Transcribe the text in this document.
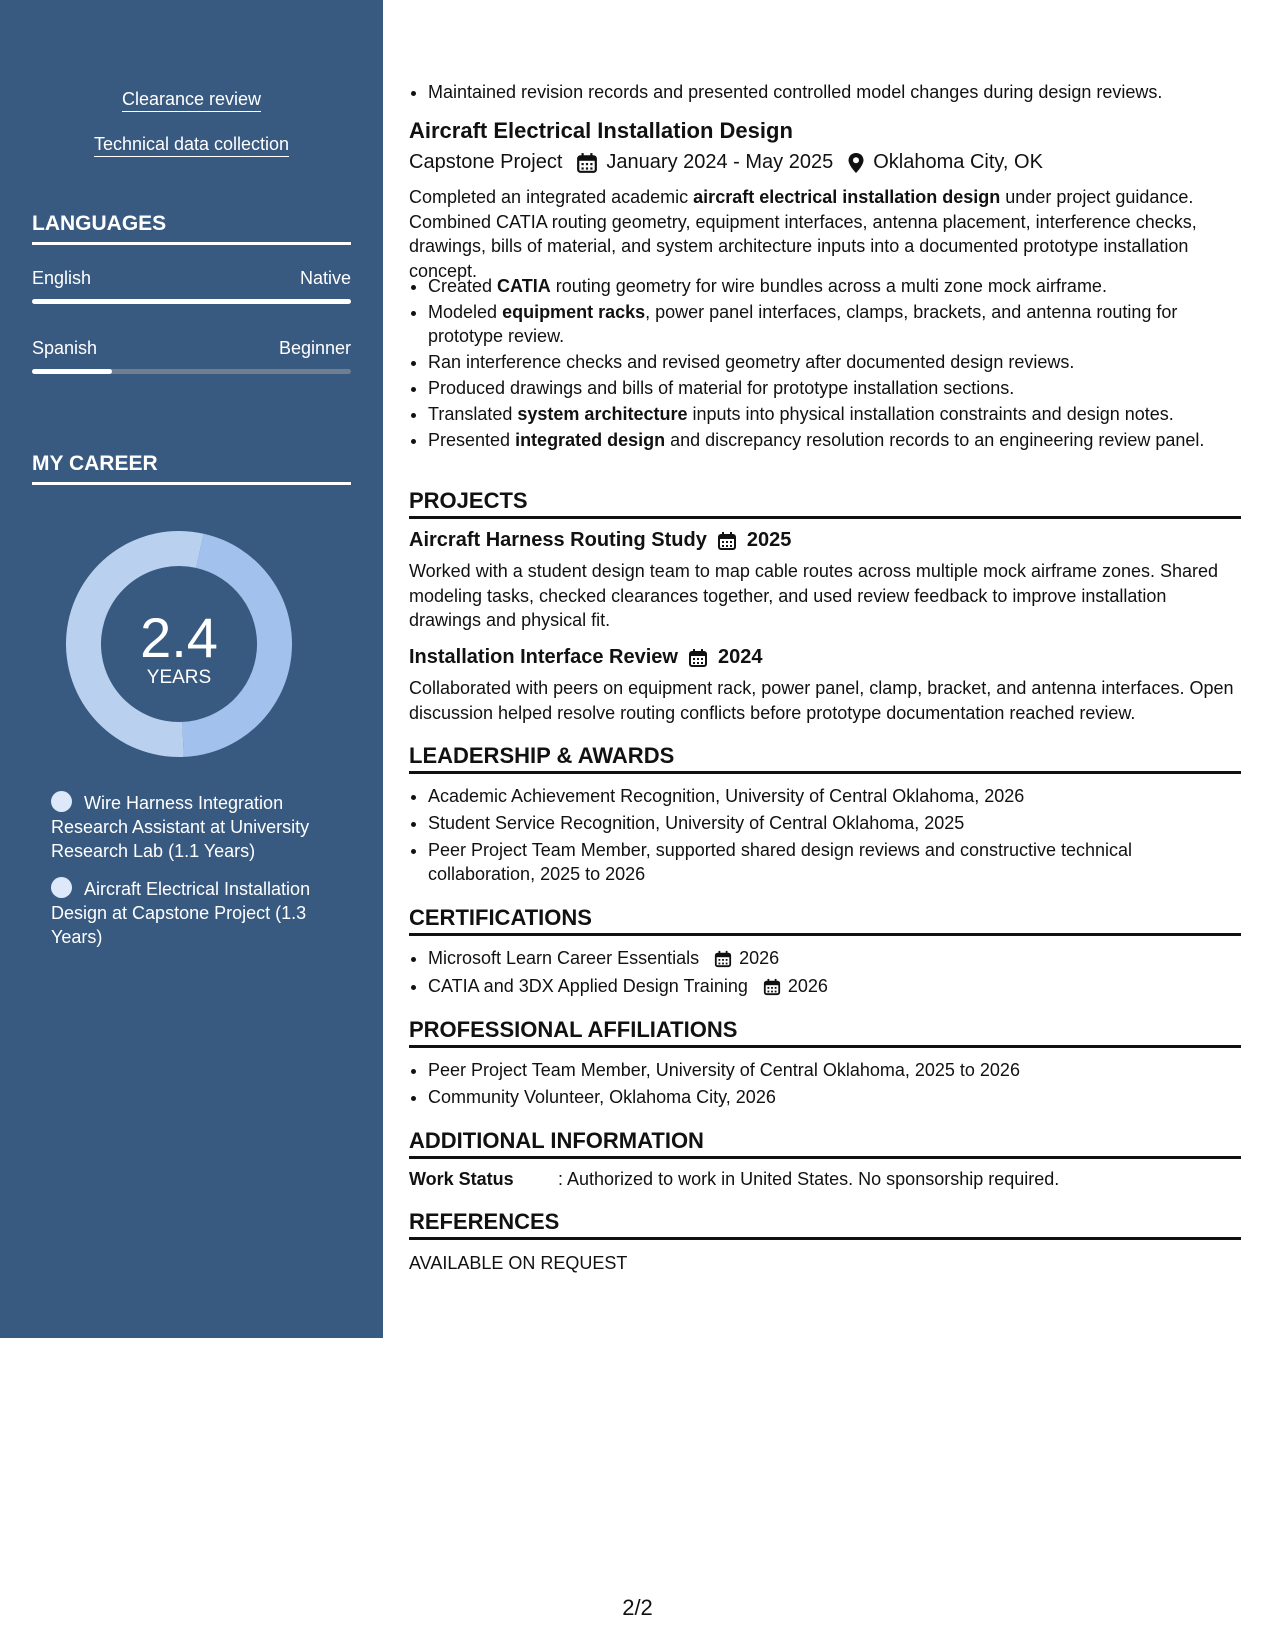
Clearance review
Technical data collection
LANGUAGES
English	Native
Spanish	Beginner
MY CAREER
2.4
YEARS
Wire Harness Integration Research Assistant at University Research Lab (1.1 Years)
Aircraft Electrical Installation Design at Capstone Project (1.3 Years)
• Maintained revision records and presented controlled model changes during design reviews.
Aircraft Electrical Installation Design
Capstone Project January 2024 - May 2025 Oklahoma City, OK
Completed an integrated academic aircraft electrical installation design under project guidance. Combined CATIA routing geometry, equipment interfaces, antenna placement, interference checks, drawings, bills of material, and system architecture inputs into a documented prototype installation concept.
• Created CATIA routing geometry for wire bundles across a multi zone mock airframe.
• Modeled equipment racks, power panel interfaces, clamps, brackets, and antenna routing for prototype review.
• Ran interference checks and revised geometry after documented design reviews.
• Produced drawings and bills of material for prototype installation sections.
• Translated system architecture inputs into physical installation constraints and design notes.
• Presented integrated design and discrepancy resolution records to an engineering review panel.
PROJECTS
Aircraft Harness Routing Study 2025
Worked with a student design team to map cable routes across multiple mock airframe zones. Shared modeling tasks, checked clearances together, and used review feedback to improve installation drawings and physical fit.
Installation Interface Review 2024
Collaborated with peers on equipment rack, power panel, clamp, bracket, and antenna interfaces. Open discussion helped resolve routing conflicts before prototype documentation reached review.
LEADERSHIP & AWARDS
• Academic Achievement Recognition, University of Central Oklahoma, 2026
• Student Service Recognition, University of Central Oklahoma, 2025
• Peer Project Team Member, supported shared design reviews and constructive technical collaboration, 2025 to 2026
CERTIFICATIONS
• Microsoft Learn Career Essentials 2026
• CATIA and 3DX Applied Design Training 2026
PROFESSIONAL AFFILIATIONS
• Peer Project Team Member, University of Central Oklahoma, 2025 to 2026
• Community Volunteer, Oklahoma City, 2026
ADDITIONAL INFORMATION
Work Status	: Authorized to work in United States. No sponsorship required.
REFERENCES
AVAILABLE ON REQUEST
2/2
